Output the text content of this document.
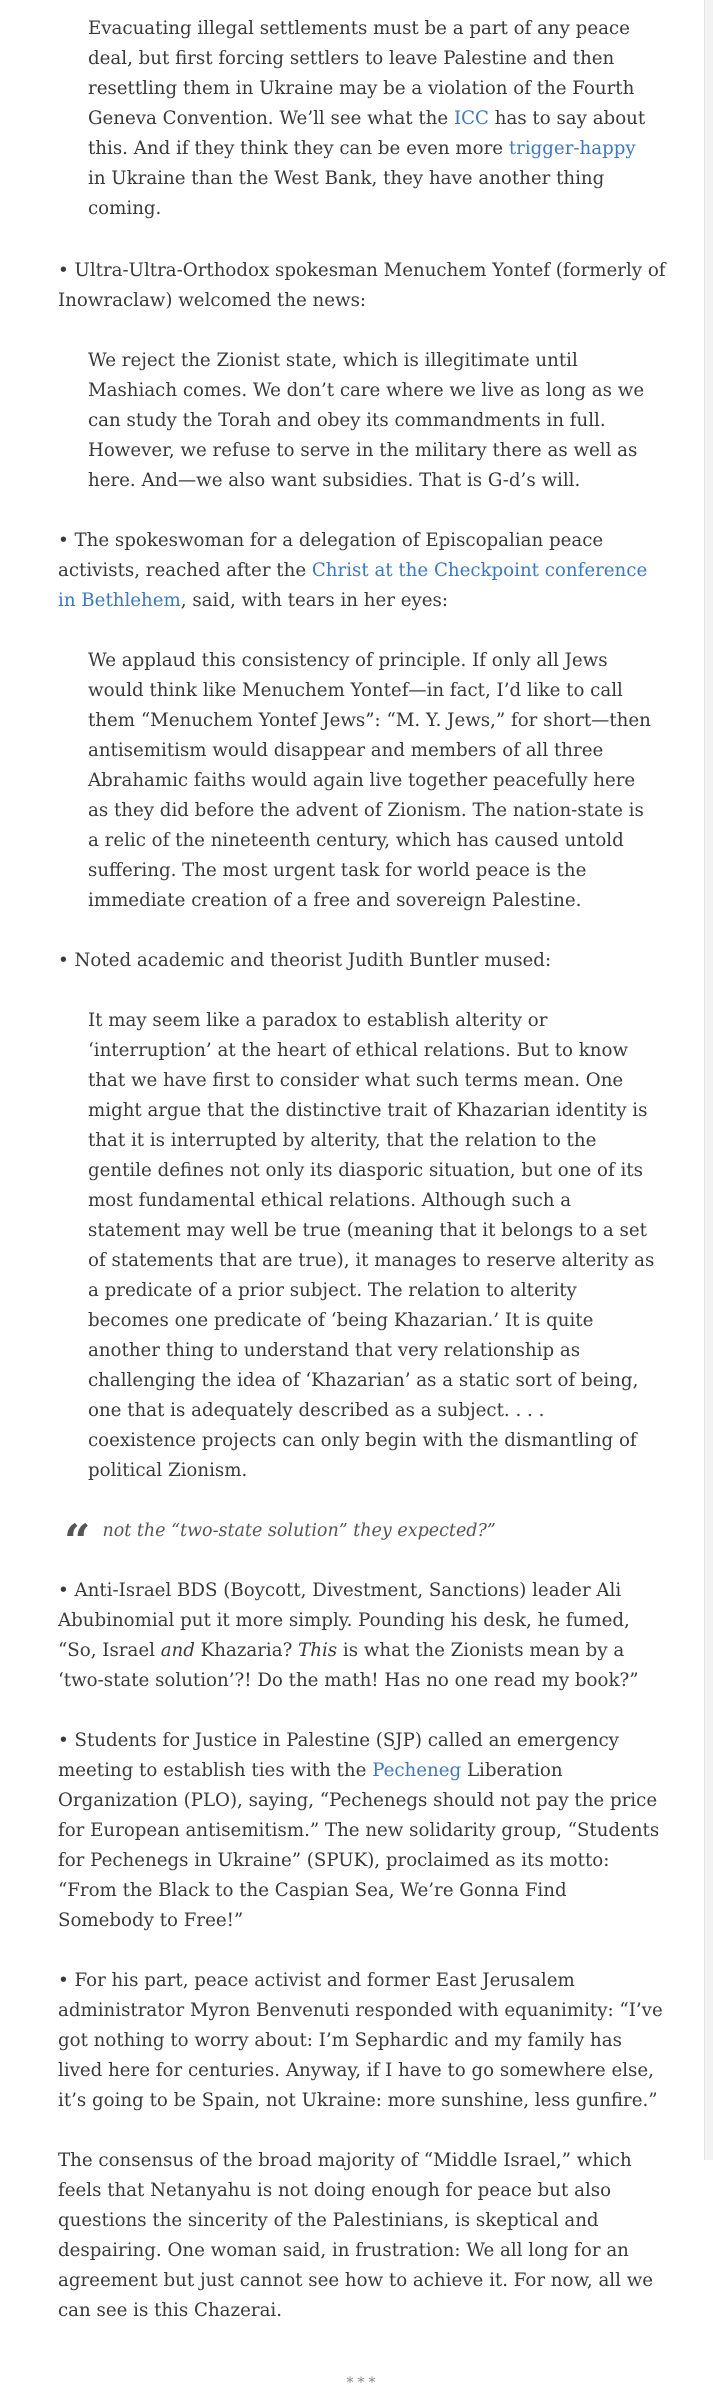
Evacuating illegal settlements must be a part of any peace deal, but first forcing settlers to leave Palestine and then resettling them in Ukraine may be a violation of the Fourth Geneva Convention. We’ll see what the ICC has to say about this. And if they think they can be even more trigger-happy in Ukraine than the West Bank, they have another thing coming.

• Ultra-Ultra-Orthodox spokesman Menuchem Yontef (formerly of Inowraclaw) welcomed the news:

We reject the Zionist state, which is illegitimate until Mashiach comes. We don’t care where we live as long as we can study the Torah and obey its commandments in full. However, we refuse to serve in the military there as well as here. And—we also want subsidies. That is G-d’s will.

• The spokeswoman for a delegation of Episcopalian peace activists, reached after the Christ at the Checkpoint conference in Bethlehem, said, with tears in her eyes:

We applaud this consistency of principle. If only all Jews would think like Menuchem Yontef—in fact, I’d like to call them “Menuchem Yontef Jews”: “M. Y. Jews,” for short—then antisemitism would disappear and members of all three Abrahamic faiths would again live together peacefully here as they did before the advent of Zionism. The nation-state is a relic of the nineteenth century, which has caused untold suffering. The most urgent task for world peace is the immediate creation of a free and sovereign Palestine.

• Noted academic and theorist Judith Buntler mused:

It may seem like a paradox to establish alterity or ‘interruption’ at the heart of ethical relations. But to know that we have first to consider what such terms mean. One might argue that the distinctive trait of Khazarian identity is that it is interrupted by alterity, that the relation to the gentile defines not only its diasporic situation, but one of its most fundamental ethical relations. Although such a statement may well be true (meaning that it belongs to a set of statements that are true), it manages to reserve alterity as a predicate of a prior subject. The relation to alterity becomes one predicate of ‘being Khazarian.’ It is quite another thing to understand that very relationship as challenging the idea of ‘Khazarian’ as a static sort of being, one that is adequately described as a subject. . . . coexistence projects can only begin with the dismantling of political Zionism.

“ not the “two-state solution” they expected?”

• Anti-Israel BDS (Boycott, Divestment, Sanctions) leader Ali Abubinomial put it more simply. Pounding his desk, he fumed, “So, Israel and Khazaria? This is what the Zionists mean by a ‘two-state solution’?! Do the math! Has no one read my book?”

• Students for Justice in Palestine (SJP) called an emergency meeting to establish ties with the Pecheneg Liberation Organization (PLO), saying, “Pechenegs should not pay the price for European antisemitism.” The new solidarity group, “Students for Pechenegs in Ukraine” (SPUK), proclaimed as its motto: “From the Black to the Caspian Sea, We’re Gonna Find Somebody to Free!”

• For his part, peace activist and former East Jerusalem administrator Myron Benvenuti responded with equanimity: “I’ve got nothing to worry about: I’m Sephardic and my family has lived here for centuries. Anyway, if I have to go somewhere else, it’s going to be Spain, not Ukraine: more sunshine, less gunfire.”

The consensus of the broad majority of “Middle Israel,” which feels that Netanyahu is not doing enough for peace but also questions the sincerity of the Palestinians, is skeptical and despairing. One woman said, in frustration: We all long for an agreement but just cannot see how to achieve it. For now, all we can see is this Chazerai.

***
